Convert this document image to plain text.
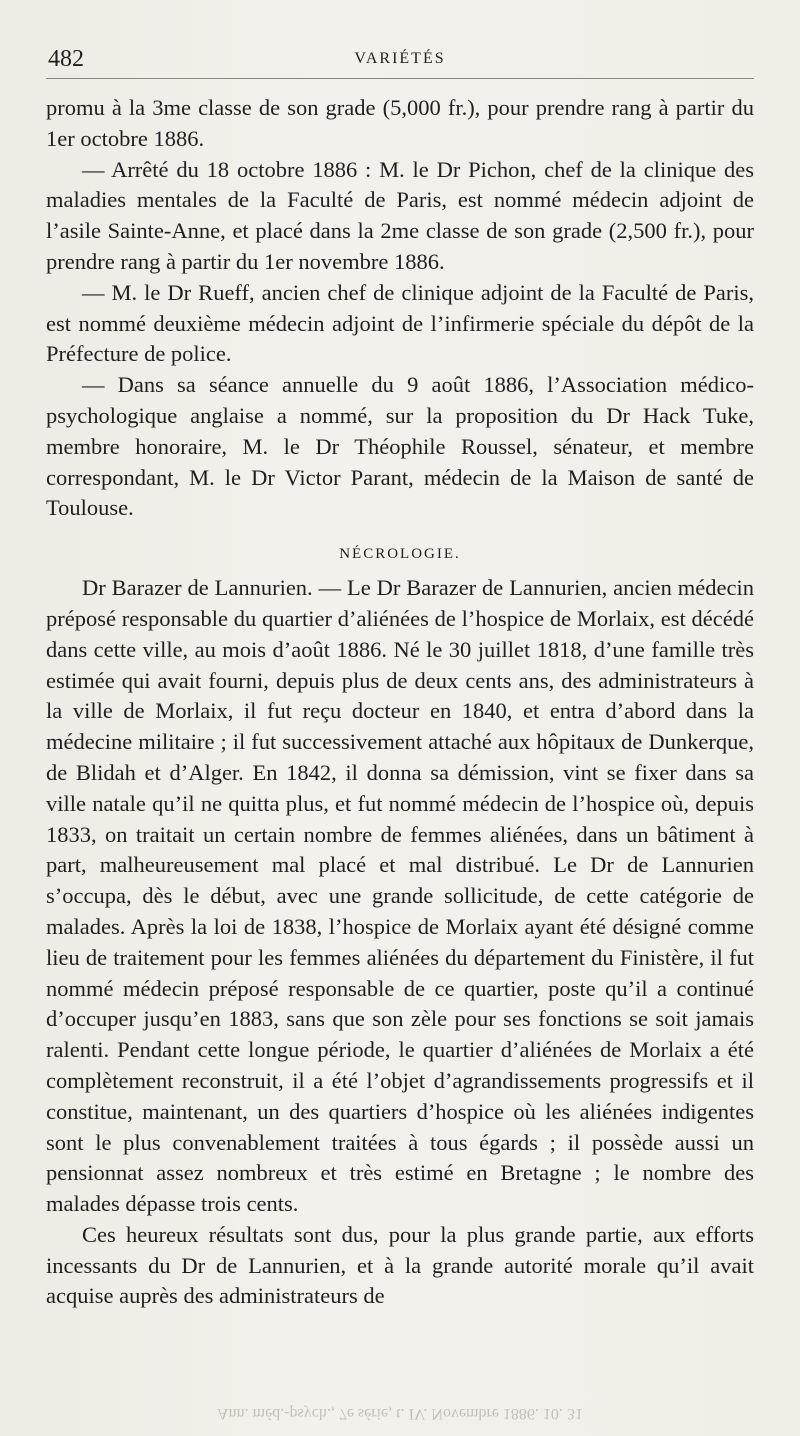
482	VARIÉTÉS

promu à la 3me classe de son grade (5,000 fr.), pour prendre rang à partir du 1er octobre 1886.

— Arrêté du 18 octobre 1886 : M. le Dr Pichon, chef de la clinique des maladies mentales de la Faculté de Paris, est nommé médecin adjoint de l’asile Sainte-Anne, et placé dans la 2me classe de son grade (2,500 fr.), pour prendre rang à partir du 1er novembre 1886.

— M. le Dr Rueff, ancien chef de clinique adjoint de la Faculté de Paris, est nommé deuxième médecin adjoint de l’infirmerie spéciale du dépôt de la Préfecture de police.

— Dans sa séance annuelle du 9 août 1886, l’Association médico-psychologique anglaise a nommé, sur la proposition du Dr Hack Tuke, membre honoraire, M. le Dr Théophile Roussel, sénateur, et membre correspondant, M. le Dr Victor Parant, médecin de la Maison de santé de Toulouse.

NÉCROLOGIE.

Dr Barazer de Lannurien. — Le Dr Barazer de Lannurien, ancien médecin préposé responsable du quartier d’aliénées de l’hospice de Morlaix, est décédé dans cette ville, au mois d’août 1886. Né le 30 juillet 1818, d’une famille très estimée qui avait fourni, depuis plus de deux cents ans, des administrateurs à la ville de Morlaix, il fut reçu docteur en 1840, et entra d’abord dans la médecine militaire ; il fut successivement attaché aux hôpitaux de Dunkerque, de Blidah et d’Alger. En 1842, il donna sa démission, vint se fixer dans sa ville natale qu’il ne quitta plus, et fut nommé médecin de l’hospice où, depuis 1833, on traitait un certain nombre de femmes aliénées, dans un bâtiment à part, malheureusement mal placé et mal distribué. Le Dr de Lannurien s’occupa, dès le début, avec une grande sollicitude, de cette catégorie de malades. Après la loi de 1838, l’hospice de Morlaix ayant été désigné comme lieu de traitement pour les femmes aliénées du département du Finistère, il fut nommé médecin préposé responsable de ce quartier, poste qu’il a continué d’occuper jusqu’en 1883, sans que son zèle pour ses fonctions se soit jamais ralenti. Pendant cette longue période, le quartier d’aliénées de Morlaix a été complètement reconstruit, il a été l’objet d’agrandissements progressifs et il constitue, maintenant, un des quartiers d’hospice où les aliénées indigentes sont le plus convenablement traitées à tous égards ; il possède aussi un pensionnat assez nombreux et très estimé en Bretagne ; le nombre des malades dépasse trois cents.

Ces heureux résultats sont dus, pour la plus grande partie, aux efforts incessants du Dr de Lannurien, et à la grande autorité morale qu’il avait acquise auprès des administrateurs de

Ann. méd.-psych., 7e série, t. IV. Novembre 1886. 10. 31
